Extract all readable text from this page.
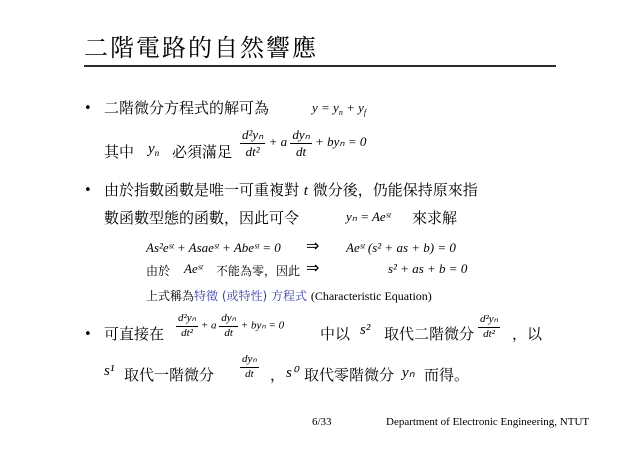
二階電路的自然響應
• 二階微分方程式的解可為	$y = y_n + y_f$
其中 $y_n$ 必須滿足 $\frac{\text{d²yₙ}}{\text{dt²}} + a \frac{\text{dyₙ}}{dt} + by_n = 0$
• 由於指數函數是唯一可重複對 t 微分後，仍能保持原來指
數函數型態的函數，因此可令	yₙ = Aeˢᵗ 來求解
As²eˢᵗ + Asaeˢᵗ + Abeˢᵗ = 0 ⇒ Aeˢᵗ (s² + as + b) = 0
由於 Aeˢᵗ 不能為零，因此 ⇒	s² + as + b = 0
上式稱為特徵 (或特性) 方程式 (Characteristic Equation)
• 可直接在 $\frac{\text{d²yₙ}}{\text{dt²}} + a \frac{\text{dyₙ}}{dt} + by_n = 0$ 中以 s² 取代二階微分 $\frac{\text{d²yₙ}}{\text{dt²}}$ ，以
s¹ 取代一階微分 $\frac{\text{dyₙ}}{dt}$ ， s⁰ 取代零階微分 yₙ 而得。
6/33	Department of Electronic Engineering, NTUT
